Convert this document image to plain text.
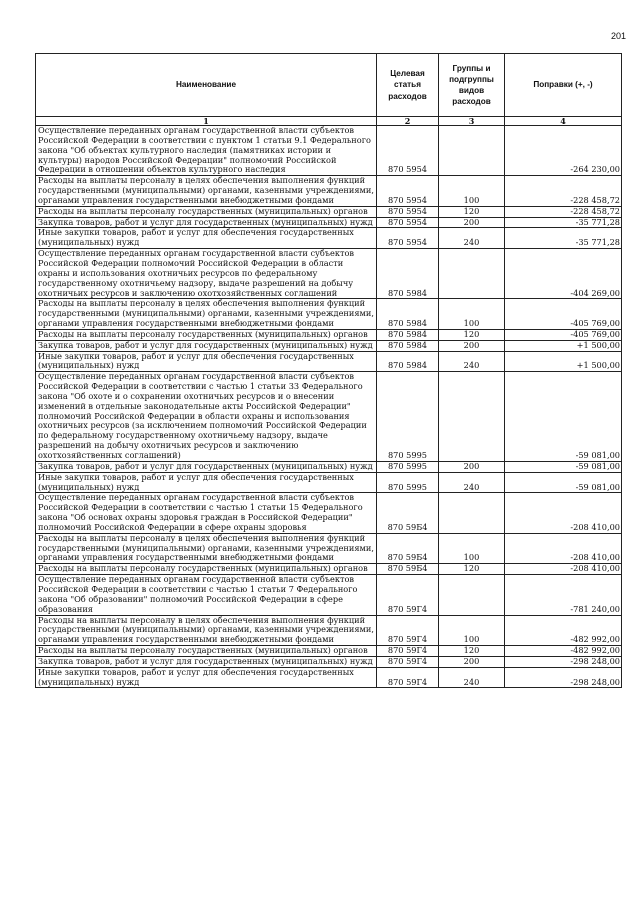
201
Наименование	Целевая статья расходов	Группы и подгруппы видов расходов	Поправки (+, -)
1	2	3	4
Осуществление переданных органам государственной власти субъектов Российской Федерации в соответствии с пунктом 1 статьи 9.1 Федерального закона "Об объектах культурного наследия (памятниках истории и культуры) народов Российской Федерации" полномочий Российской Федерации в отношении объектов культурного наследия	870 5954		-264 230,00
Расходы на выплаты персоналу в целях обеспечения выполнения функций государственными (муниципальными) органами, казенными учреждениями, органами управления государственными внебюджетными фондами	870 5954	100	-228 458,72
Расходы на выплаты персоналу государственных (муниципальных) органов	870 5954	120	-228 458,72
Закупка товаров, работ и услуг для государственных (муниципальных) нужд	870 5954	200	-35 771,28
Иные закупки товаров, работ и услуг для обеспечения государственных (муниципальных) нужд	870 5954	240	-35 771,28
Осуществление переданных органам государственной власти субъектов Российской Федерации полномочий Российской Федерации в области охраны и использования охотничьих ресурсов по федеральному государственному охотничьему надзору, выдаче разрешений на добычу охотничьих ресурсов и заключению охотхозяйственных соглашений	870 5984		-404 269,00
Расходы на выплаты персоналу в целях обеспечения выполнения функций государственными (муниципальными) органами, казенными учреждениями, органами управления государственными внебюджетными фондами	870 5984	100	-405 769,00
Расходы на выплаты персоналу государственных (муниципальных) органов	870 5984	120	-405 769,00
Закупка товаров, работ и услуг для государственных (муниципальных) нужд	870 5984	200	+1 500,00
Иные закупки товаров, работ и услуг для обеспечения государственных (муниципальных) нужд	870 5984	240	+1 500,00
Осуществление переданных органам государственной власти субъектов Российской Федерации в соответствии с частью 1 статьи 33 Федерального закона "Об охоте и о сохранении охотничьих ресурсов и о внесении изменений в отдельные законодательные акты Российской Федерации" полномочий Российской Федерации в области охраны и использования охотничьих ресурсов (за исключением полномочий Российской Федерации по федеральному государственному охотничьему надзору, выдаче разрешений на добычу охотничьих ресурсов и заключению охотхозяйственных соглашений)	870 5995		-59 081,00
Закупка товаров, работ и услуг для государственных (муниципальных) нужд	870 5995	200	-59 081,00
Иные закупки товаров, работ и услуг для обеспечения государственных (муниципальных) нужд	870 5995	240	-59 081,00
Осуществление переданных органам государственной власти субъектов Российской Федерации в соответствии с частью 1 статьи 15 Федерального закона "Об основах охраны здоровья граждан в Российской Федерации" полномочий Российской Федерации в сфере охраны здоровья	870 59Б4		-208 410,00
Расходы на выплаты персоналу в целях обеспечения выполнения функций государственными (муниципальными) органами, казенными учреждениями, органами управления государственными внебюджетными фондами	870 59Б4	100	-208 410,00
Расходы на выплаты персоналу государственных (муниципальных) органов	870 59Б4	120	-208 410,00
Осуществление переданных органам государственной власти субъектов Российской Федерации в соответствии с частью 1 статьи 7 Федерального закона "Об образовании" полномочий Российской Федерации в сфере образования	870 59Г4		-781 240,00
Расходы на выплаты персоналу в целях обеспечения выполнения функций государственными (муниципальными) органами, казенными учреждениями, органами управления государственными внебюджетными фондами	870 59Г4	100	-482 992,00
Расходы на выплаты персоналу государственных (муниципальных) органов	870 59Г4	120	-482 992,00
Закупка товаров, работ и услуг для государственных (муниципальных) нужд	870 59Г4	200	-298 248,00
Иные закупки товаров, работ и услуг для обеспечения государственных (муниципальных) нужд	870 59Г4	240	-298 248,00
